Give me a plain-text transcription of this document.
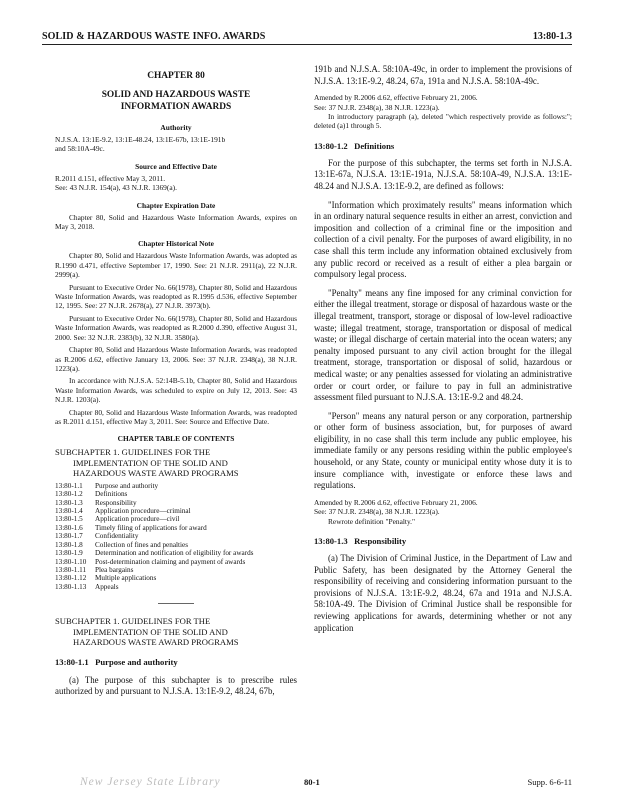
SOLID & HAZARDOUS WASTE INFO. AWARDS	13:80-1.3

CHAPTER 80

SOLID AND HAZARDOUS WASTE

INFORMATION AWARDS

Authority

N.J.S.A. 13:1E-9.2, 13:1E-48.24, 13:1E-67b, 13:1E-191b

and 58:10A-49c.

Source and Effective Date

R.2011 d.151, effective May 3, 2011.

See: 43 N.J.R. 154(a), 43 N.J.R. 1369(a).

Chapter Expiration Date

Chapter 80, Solid and Hazardous Waste Information Awards, expires on May 3, 2018.

Chapter Historical Note

Chapter 80, Solid and Hazardous Waste Information Awards, was adopted as R.1990 d.471, effective September 17, 1990. See: 21 N.J.R. 2911(a), 22 N.J.R. 2999(a).

Pursuant to Executive Order No. 66(1978), Chapter 80, Solid and Hazardous Waste Information Awards, was readopted as R.1995 d.536, effective September 12, 1995. See: 27 N.J.R. 2678(a), 27 N.J.R. 3973(b).

Pursuant to Executive Order No. 66(1978), Chapter 80, Solid and Hazardous Waste Information Awards, was readopted as R.2000 d.390, effective August 31, 2000. See: 32 N.J.R. 2383(b), 32 N.J.R. 3580(a).

Chapter 80, Solid and Hazardous Waste Information Awards, was readopted as R.2006 d.62, effective January 13, 2006. See: 37 N.J.R. 2348(a), 38 N.J.R. 1223(a).

In accordance with N.J.S.A. 52:14B-5.1b, Chapter 80, Solid and Hazardous Waste Information Awards, was scheduled to expire on July 12, 2013. See: 43 N.J.R. 1203(a).

Chapter 80, Solid and Hazardous Waste Information Awards, was readopted as R.2011 d.151, effective May 3, 2011. See: Source and Effective Date.

CHAPTER TABLE OF CONTENTS

SUBCHAPTER 1. GUIDELINES FOR THE

IMPLEMENTATION OF THE SOLID AND

HAZARDOUS WASTE AWARD PROGRAMS

13:80-1.1	Purpose and authority
13:80-1.2	Definitions
13:80-1.3	Responsibility
13:80-1.4	Application procedure—criminal
13:80-1.5	Application procedure—civil
13:80-1.6	Timely filing of applications for award
13:80-1.7	Confidentiality
13:80-1.8	Collection of fines and penalties
13:80-1.9	Determination and notification of eligibility for awards
13:80-1.10	Post-determination claiming and payment of awards
13:80-1.11	Plea bargains
13:80-1.12	Multiple applications
13:80-1.13	Appeals

SUBCHAPTER 1. GUIDELINES FOR THE

IMPLEMENTATION OF THE SOLID AND

HAZARDOUS WASTE AWARD PROGRAMS

13:80-1.1 Purpose and authority

(a) The purpose of this subchapter is to prescribe rules authorized by and pursuant to N.J.S.A. 13:1E-9.2, 48.24, 67b,

191b and N.J.S.A. 58:10A-49c, in order to implement the provisions of N.J.S.A. 13:1E-9.2, 48.24, 67a, 191a and N.J.S.A. 58:10A-49c.

Amended by R.2006 d.62, effective February 21, 2006.

See: 37 N.J.R. 2348(a), 38 N.J.R. 1223(a).

In introductory paragraph (a), deleted "which respectively provide as follows:"; deleted (a)1 through 5.

13:80-1.2 Definitions

For the purpose of this subchapter, the terms set forth in N.J.S.A. 13:1E-67a, N.J.S.A. 13:1E-191a, N.J.S.A. 58:10A-49, N.J.S.A. 13:1E-48.24 and N.J.S.A. 13:1E-9.2, are defined as follows:

"Information which proximately results" means information which in an ordinary natural sequence results in either an arrest, conviction and imposition and collection of a criminal fine or the imposition and collection of a civil penalty. For the purposes of award eligibility, in no case shall this term include any information obtained exclusively from any public record or received as a result of either a plea bargain or compulsory legal process.

"Penalty" means any fine imposed for any criminal conviction for either the illegal treatment, storage or disposal of hazardous waste or the illegal treatment, transport, storage or disposal of low-level radioactive waste; illegal treatment, storage, transportation or disposal of medical waste; or illegal discharge of certain material into the ocean waters; any penalty imposed pursuant to any civil action brought for the illegal treatment, storage, transportation or disposal of solid, hazardous or medical waste; or any penalties assessed for violating an administrative order or court order, or failure to pay in full an administrative assessment filed pursuant to N.J.S.A. 13:1E-9.2 and 48.24.

"Person" means any natural person or any corporation, partnership or other form of business association, but, for purposes of award eligibility, in no case shall this term include any public employee, his immediate family or any persons residing within the public employee's household, or any State, county or municipal entity whose duty it is to insure compliance with, investigate or enforce these laws and regulations.

Amended by R.2006 d.62, effective February 21, 2006.

See: 37 N.J.R. 2348(a), 38 N.J.R. 1223(a).

Rewrote definition "Penalty."

13:80-1.3 Responsibility

(a) The Division of Criminal Justice, in the Department of Law and Public Safety, has been designated by the Attorney General the responsibility of receiving and considering information pursuant to the provisions of N.J.S.A. 13:1E-9.2, 48.24, 67a and 191a and N.J.S.A. 58:10A-49. The Division of Criminal Justice shall be responsible for reviewing applications for awards, determining whether or not any application

New Jersey State Library	80-1	Supp. 6-6-11
